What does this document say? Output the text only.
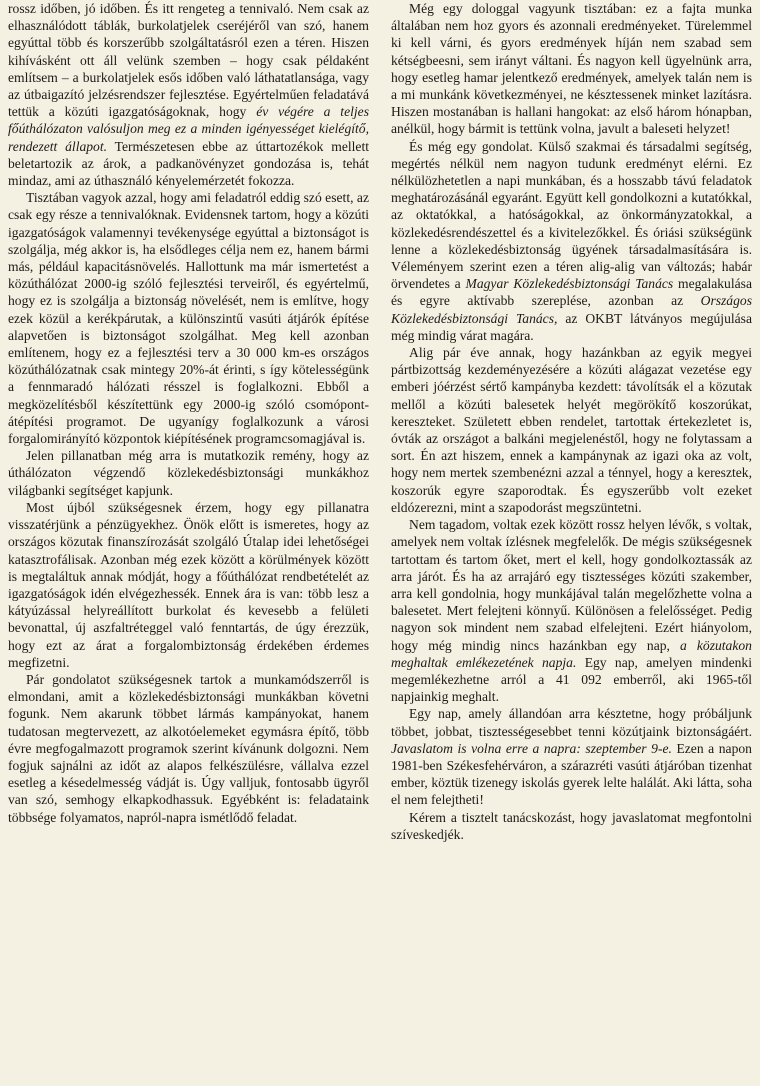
rossz időben, jó időben. És itt rengeteg a tennivaló. Nem csak az elhasználódott táblák, burkolatjelek cseréjéről van szó, hanem egyúttal több és korszerűbb szolgáltatásról ezen a téren. Hiszen kihívásként ott áll velünk szemben – hogy csak példaként említsem – a burkolatjelek esős időben való láthatatlansága, vagy az útbaigazító jelzésrendszer fejlesztése. Egyértelműen feladatává tettük a közúti igazgatóságoknak, hogy év végére a teljes főúthálózaton valósuljon meg ez a minden igényességet kielégítő, rendezett állapot. Természetesen ebbe az úttartozékok mellett beletartozik az árok, a padkanövényzet gondozása is, tehát mindaz, ami az úthasználó kényelemérzetét fokozza.

Tisztában vagyok azzal, hogy ami feladatról eddig szó esett, az csak egy része a tennivalóknak. Evidensnek tartom, hogy a közúti igazgatóságok valamennyi tevékenysége egyúttal a biztonságot is szolgálja, még akkor is, ha elsődleges célja nem ez, hanem bármi más, például kapacitásnövelés. Hallottunk ma már ismertetést a közúthálózat 2000-ig szóló fejlesztési terveiről, és egyértelmű, hogy ez is szolgálja a biztonság növelését, nem is említve, hogy ezek közül a kerékpárutak, a különszintű vasúti átjárók építése alapvetően is biztonságot szolgálhat. Meg kell azonban említenem, hogy ez a fejlesztési terv a 30 000 km-es országos közúthálózatnak csak mintegy 20%-át érinti, s így kötelességünk a fennmaradó hálózati résszel is foglalkozni. Ebből a megközelítésből készítettünk egy 2000-ig szóló csomópont-átépítési programot. De ugyanígy foglalkozunk a városi forgalomirányító központok kiépítésének programcsomagjával is.

Jelen pillanatban még arra is mutatkozik remény, hogy az úthálózaton végzendő közlekedésbiztonsági munkákhoz világbanki segítséget kapjunk.

Most újból szükségesnek érzem, hogy egy pillanatra visszatérjünk a pénzügyekhez. Önök előtt is ismeretes, hogy az országos közutak finanszírozását szolgáló Útalap idei lehetőségei katasztrofálisak. Azonban még ezek között a körülmények között is megtaláltuk annak módját, hogy a főúthálózat rendbetételét az igazgatóságok idén elvégezhessék. Ennek ára is van: több lesz a kátyúzással helyreállított burkolat és kevesebb a felületi bevonattal, új aszfaltréteggel való fenntartás, de úgy érezzük, hogy ezt az árat a forgalombiztonság érdekében érdemes megfizetni.

Pár gondolatot szükségesnek tartok a munkamódszerről is elmondani, amit a közlekedésbiztonsági munkákban követni fogunk. Nem akarunk többet lármás kampányokat, hanem tudatosan megtervezett, az alkotóelemeket egymásra építő, több évre megfogalmazott programok szerint kívánunk dolgozni. Nem fogjuk sajnálni az időt az alapos felkészülésre, vállalva ezzel esetleg a késedelmesség vádját is. Úgy valljuk, fontosabb ügyről van szó, semhogy elkapkodhassuk. Egyébként is: feladataink többsége folyamatos, napról-napra ismétlődő feladat.

Még egy dologgal vagyunk tisztában: ez a fajta munka általában nem hoz gyors és azonnali eredményeket. Türelemmel ki kell várni, és gyors eredmények híján nem szabad sem kétségbeesni, sem irányt váltani. És nagyon kell ügyelnünk arra, hogy esetleg hamar jelentkező eredmények, amelyek talán nem is a mi munkánk következményei, ne késztessenek minket lazításra. Hiszen mostanában is hallani hangokat: az első három hónapban, anélkül, hogy bármit is tettünk volna, javult a baleseti helyzet!

És még egy gondolat. Külső szakmai és társadalmi segítség, megértés nélkül nem nagyon tudunk eredményt elérni. Ez nélkülözhetetlen a napi munkában, és a hosszabb távú feladatok meghatározásánál egyaránt. Együtt kell gondolkozni a kutatókkal, az oktatókkal, a hatóságokkal, az önkormányzatokkal, a közlekedésrendészettel és a kivitelezőkkel. És óriási szükségünk lenne a közlekedésbiztonság ügyének társadalmasítására is. Véleményem szerint ezen a téren alig-alig van változás; habár örvendetes a Magyar Közlekedésbiztonsági Tanács megalakulása és egyre aktívabb szereplése, azonban az Országos Közlekedésbiztonsági Tanács, az OKBT látványos megújulása még mindig várat magára.

Alig pár éve annak, hogy hazánkban az egyik megyei pártbizottság kezdeményezésére a közúti alágazat vezetése egy emberi jóérzést sértő kampányba kezdett: távolítsák el a közutak mellől a közúti balesetek helyét megörökítő koszorúkat, kereszteket. Született ebben rendelet, tartottak értekezletet is, óvták az országot a balkáni megjelenéstől, hogy ne folytassam a sort. Én azt hiszem, ennek a kampánynak az igazi oka az volt, hogy nem mertek szembenézni azzal a ténnyel, hogy a keresztek, koszorúk egyre szaporodtak. És egyszerűbb volt ezeket eldózerezni, mint a szapodorást megszüntetni.

Nem tagadom, voltak ezek között rossz helyen lévők, s voltak, amelyek nem voltak ízlésnek megfelelők. De mégis szükségesnek tartottam és tartom őket, mert el kell, hogy gondolkoztassák az arra járót. És ha az arrajáró egy tisztességes közúti szakember, arra kell gondolnia, hogy munkájával talán megelőzhette volna a balesetet. Mert felejteni könnyű. Különösen a felelősséget. Pedig nagyon sok mindent nem szabad elfelejteni. Ezért hiányolom, hogy még mindig nincs hazánkban egy nap, a közutakon meghaltak emlékezetének napja. Egy nap, amelyen mindenki megemlékezhetne arról a 41 092 emberről, aki 1965-től napjainkig meghalt.

Egy nap, amely állandóan arra késztetne, hogy próbáljunk többet, jobbat, tisztességesebbet tenni közútjaink biztonságáért. Javaslatom is volna erre a napra: szeptember 9-e. Ezen a napon 1981-ben Székesfehérváron, a szárazréti vasúti átjáróban tizenhat ember, köztük tizenegy iskolás gyerek lelte halálát. Aki látta, soha el nem felejtheti!

Kérem a tisztelt tanácskozást, hogy javaslatomat megfontolni szíveskedjék.
